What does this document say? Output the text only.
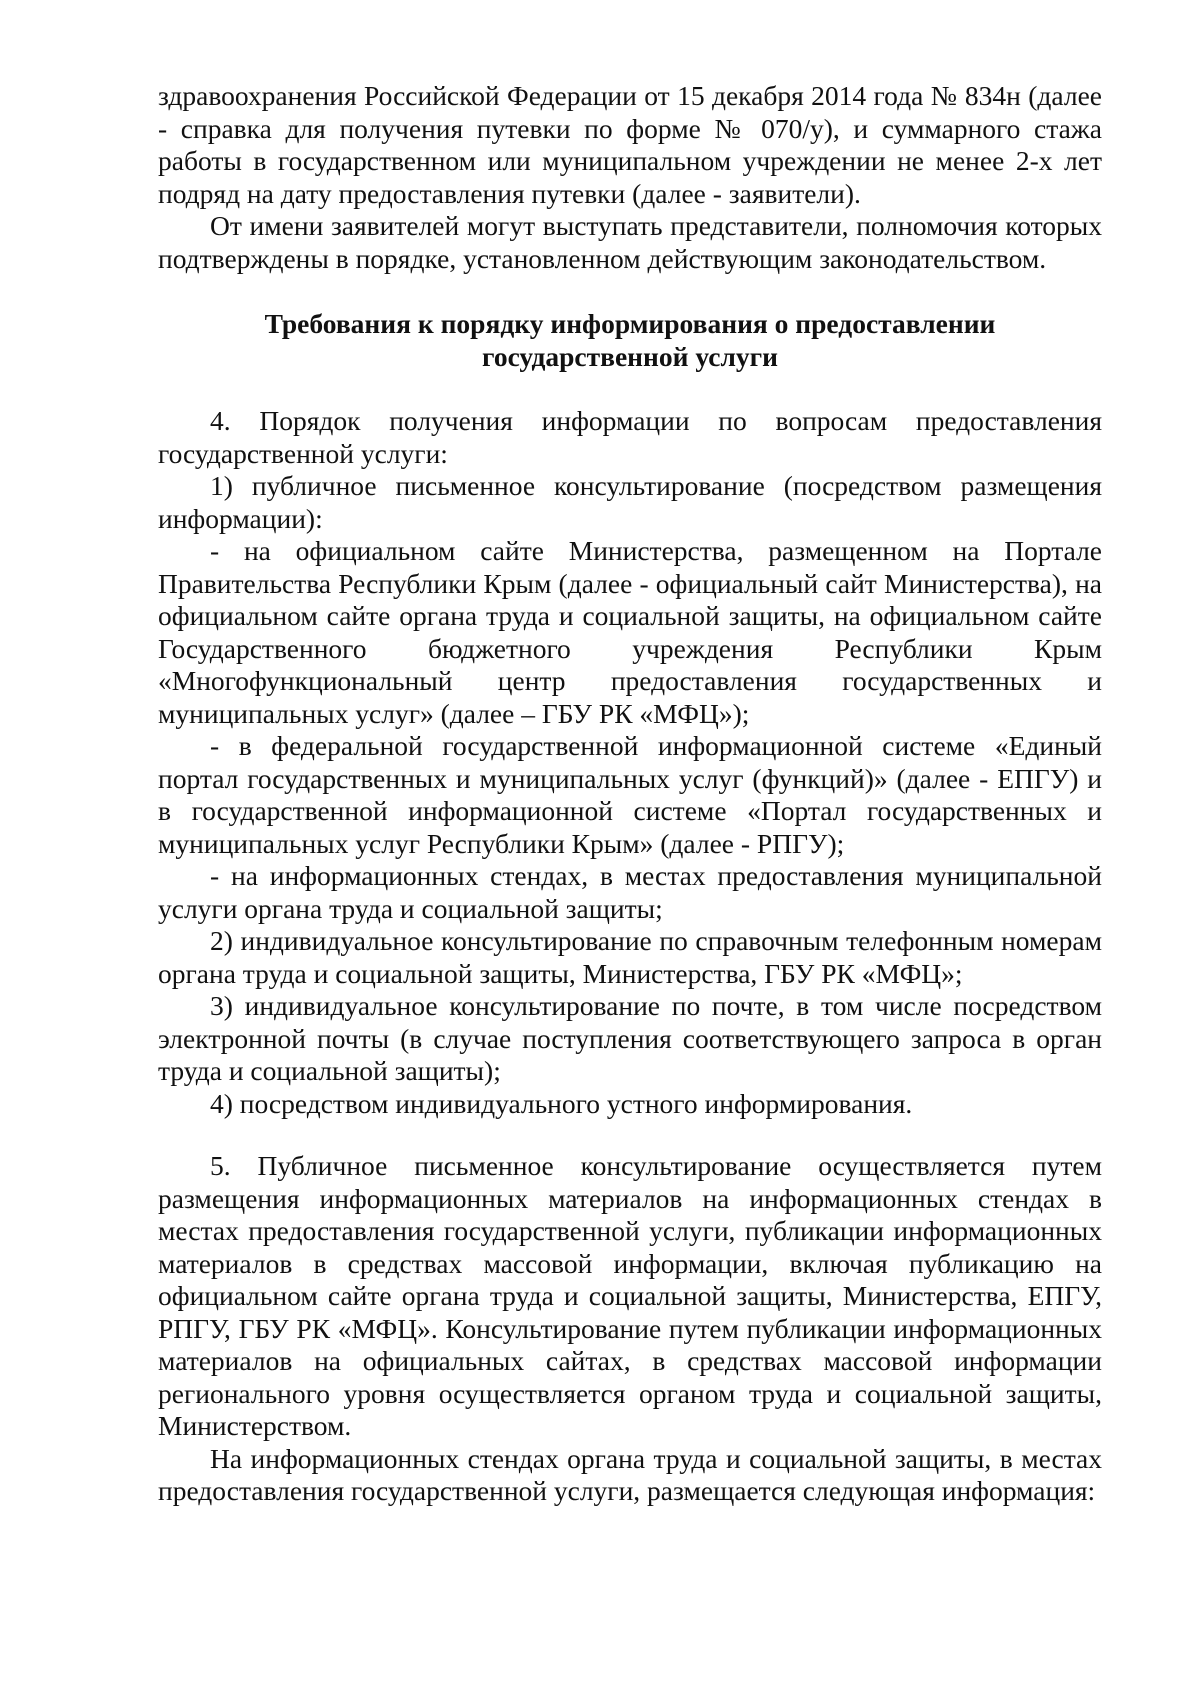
здравоохранения Российской Федерации от 15 декабря 2014 года № 834н (далее - справка для получения путевки по форме № 070/у), и суммарного стажа работы в государственном или муниципальном учреждении не менее 2-х лет подряд на дату предоставления путевки (далее - заявители).

От имени заявителей могут выступать представители, полномочия которых подтверждены в порядке, установленном действующим законодательством.

Требования к порядку информирования о предоставлении

государственной услуги

4. Порядок получения информации по вопросам предоставления государственной услуги:

1) публичное письменное консультирование (посредством размещения информации):

- на официальном сайте Министерства, размещенном на Портале Правительства Республики Крым (далее - официальный сайт Министерства), на официальном сайте органа труда и социальной защиты, на официальном сайте Государственного бюджетного учреждения Республики Крым «Многофункциональный центр предоставления государственных и муниципальных услуг» (далее – ГБУ РК «МФЦ»);

- в федеральной государственной информационной системе «Единый портал государственных и муниципальных услуг (функций)» (далее - ЕПГУ) и в государственной информационной системе «Портал государственных и муниципальных услуг Республики Крым» (далее - РПГУ);

- на информационных стендах, в местах предоставления муниципальной услуги органа труда и социальной защиты;

2) индивидуальное консультирование по справочным телефонным номерам органа труда и социальной защиты, Министерства, ГБУ РК «МФЦ»;

3) индивидуальное консультирование по почте, в том числе посредством электронной почты (в случае поступления соответствующего запроса в орган труда и социальной защиты);

4) посредством индивидуального устного информирования.

5. Публичное письменное консультирование осуществляется путем размещения информационных материалов на информационных стендах в местах предоставления государственной услуги, публикации информационных материалов в средствах массовой информации, включая публикацию на официальном сайте органа труда и социальной защиты, Министерства, ЕПГУ, РПГУ, ГБУ РК «МФЦ». Консультирование путем публикации информационных материалов на официальных сайтах, в средствах массовой информации регионального уровня осуществляется органом труда и социальной защиты, Министерством.

На информационных стендах органа труда и социальной защиты, в местах предоставления государственной услуги, размещается следующая информация:
